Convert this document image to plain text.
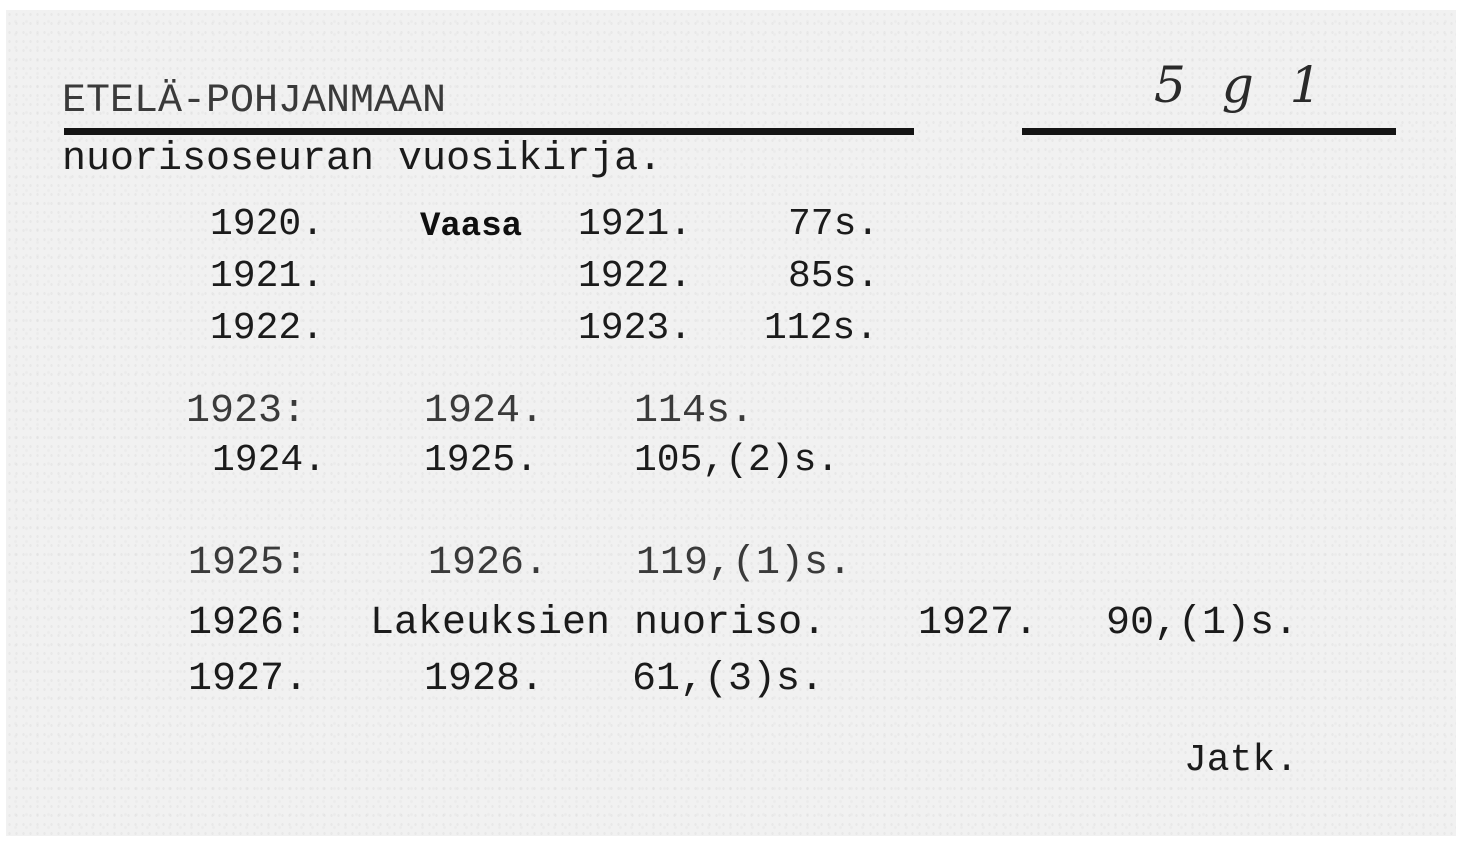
ETELÄ-POHJANMAAN	5 g 1
nuorisoseuran vuosikirja.
1920.	Vaasa 1921.	77s.
1921.	1922.	85s.
1922.	1923. 112s.
1923:	1924. 114s.
1924.	1925.	105,(2)s.
1925:	1926. 119,(1)s.
1926: Lakeuksien nuoriso. 1927. 90,(1)s.
1927.	1928. 61,(3)s.
Jatk.
